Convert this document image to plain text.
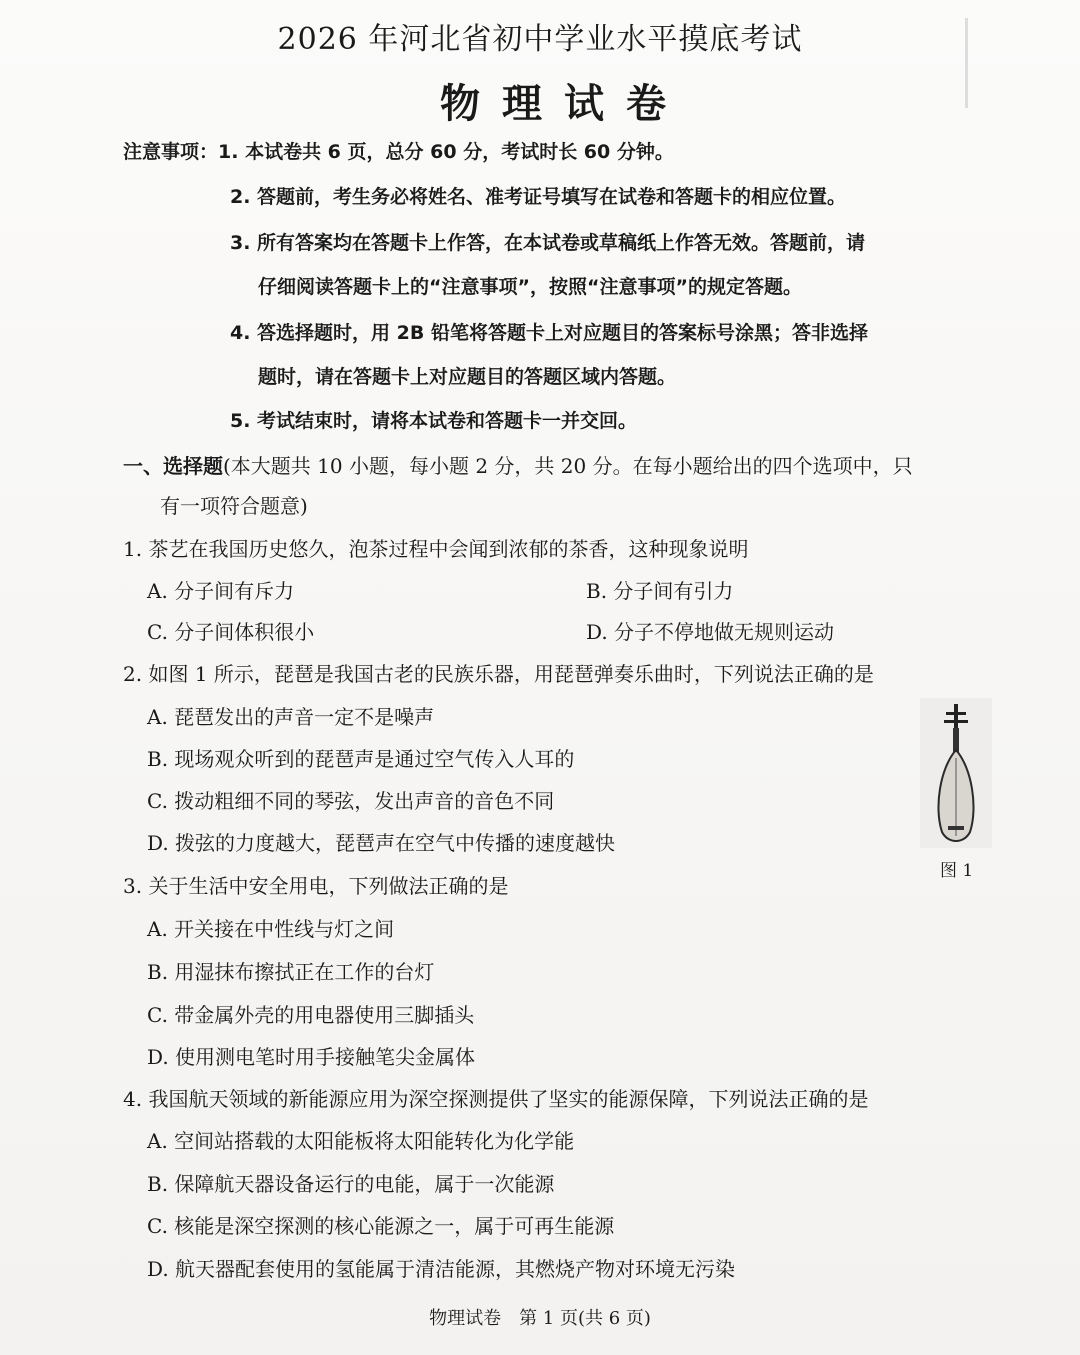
2026 年河北省初中学业水平摸底考试
物理试卷
注意事项：1. 本试卷共 6 页，总分 60 分，考试时长 60 分钟。
2. 答题前，考生务必将姓名、准考证号填写在试卷和答题卡的相应位置。
3. 所有答案均在答题卡上作答，在本试卷或草稿纸上作答无效。答题前，请
仔细阅读答题卡上的“注意事项”，按照“注意事项”的规定答题。
4. 答选择题时，用 2B 铅笔将答题卡上对应题目的答案标号涂黑；答非选择
题时，请在答题卡上对应题目的答题区域内答题。
5. 考试结束时，请将本试卷和答题卡一并交回。
一、选择题(本大题共 10 小题，每小题 2 分，共 20 分。在每小题给出的四个选项中，只
有一项符合题意)
1. 茶艺在我国历史悠久，泡茶过程中会闻到浓郁的茶香，这种现象说明
A. 分子间有斥力	B. 分子间有引力
C. 分子间体积很小	D. 分子不停地做无规则运动
2. 如图 1 所示，琵琶是我国古老的民族乐器，用琵琶弹奏乐曲时，下列说法正确的是
A. 琵琶发出的声音一定不是噪声
B. 现场观众听到的琵琶声是通过空气传入人耳的
C. 拨动粗细不同的琴弦，发出声音的音色不同
D. 拨弦的力度越大，琵琶声在空气中传播的速度越快
图 1
3. 关于生活中安全用电，下列做法正确的是
A. 开关接在中性线与灯之间
B. 用湿抹布擦拭正在工作的台灯
C. 带金属外壳的用电器使用三脚插头
D. 使用测电笔时用手接触笔尖金属体
4. 我国航天领域的新能源应用为深空探测提供了坚实的能源保障，下列说法正确的是
A. 空间站搭载的太阳能板将太阳能转化为化学能
B. 保障航天器设备运行的电能，属于一次能源
C. 核能是深空探测的核心能源之一，属于可再生能源
D. 航天器配套使用的氢能属于清洁能源，其燃烧产物对环境无污染
物理试卷　第 1 页(共 6 页)
